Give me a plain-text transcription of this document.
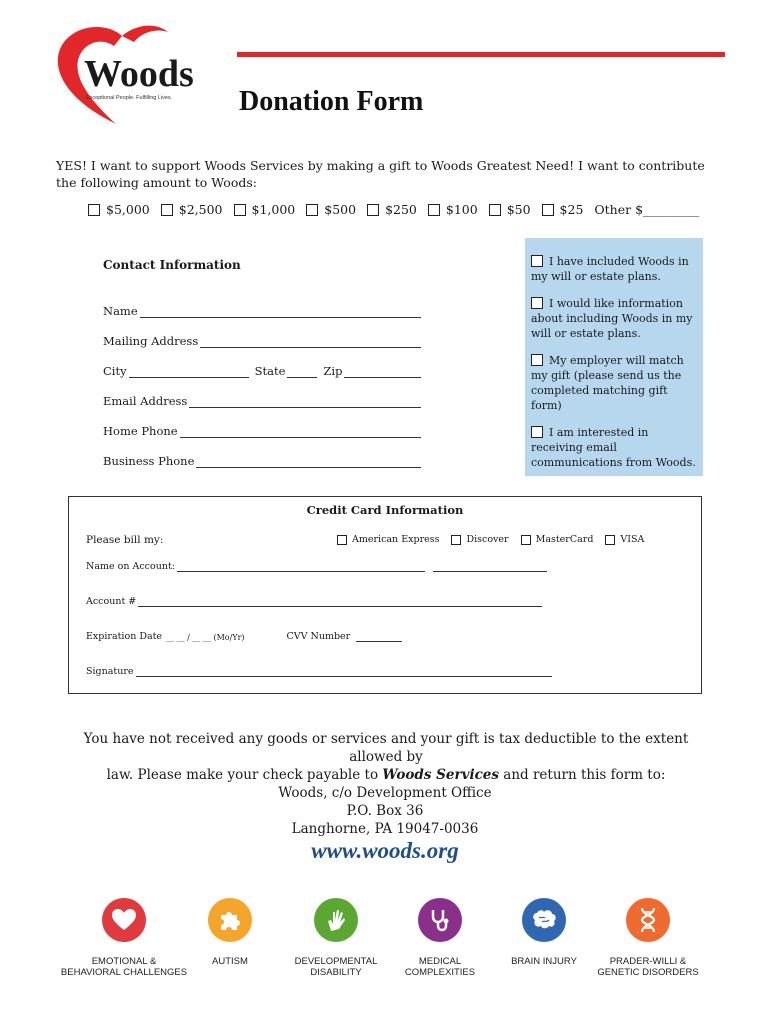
Woods
Exceptional People. Fulfilling Lives. Donation Form
YES! I want to support Woods Services by making a gift to Woods Greatest Need! I want to contribute the following amount to Woods:
$5,000 $2,500 $1,000 $500 $250 $100 $50 $25 Other $_________
Contact Information
Name
Mailing Address
City	State	Zip
Email Address
Home Phone
Business Phone
I have included Woods in my will or estate plans.
I would like information about including Woods in my will or estate plans.
My employer will match my gift (please send us the completed matching gift form)
I am interested in receiving email communications from Woods.
Credit Card Information
Please bill my:	American Express	Discover	MasterCard	VISA
Name on Account:
Account #
Expiration Date __ __ / __ __ (Mo/Yr)	CVV Number
Signature
You have not received any goods or services and your gift is tax deductible to the extent allowed by
law. Please make your check payable to Woods Services and return this form to:
Woods, c/o Development Office
P.O. Box 36
Langhorne, PA 19047-0036
www.woods.org
EMOTIONAL &
BEHAVIORAL CHALLENGES
AUTISM	DEVELOPMENTAL
DISABILITY
MEDICAL
COMPLEXITIES
BRAIN INJURY	PRADER-WILLI &
GENETIC DISORDERS
